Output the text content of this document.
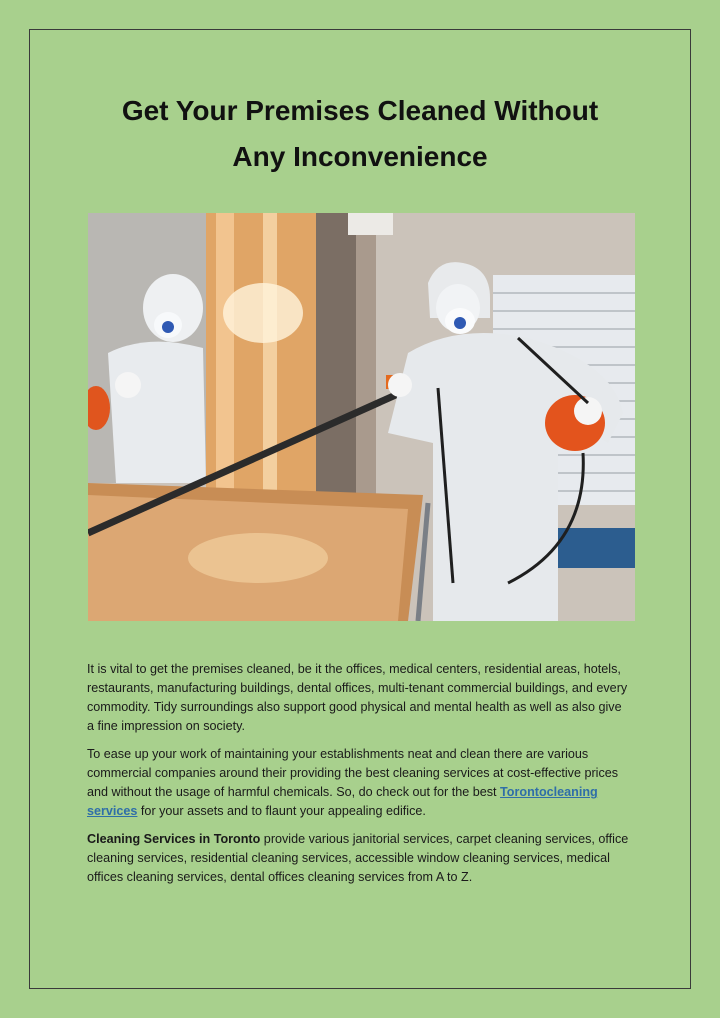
Get Your Premises Cleaned Without
Any Inconvenience

It is vital to get the premises cleaned, be it the offices, medical centers, residential areas, hotels, restaurants, manufacturing buildings, dental offices, multi-tenant commercial buildings, and every commodity. Tidy surroundings also support good physical and mental health as well as also give a fine impression on society.

To ease up your work of maintaining your establishments neat and clean there are various commercial companies around their providing the best cleaning services at cost-effective prices and without the usage of harmful chemicals. So, do check out for the best Torontocleaning services for your assets and to flaunt your appealing edifice.

Cleaning Services in Toronto provide various janitorial services, carpet cleaning services, office cleaning services, residential cleaning services, accessible window cleaning services, medical offices cleaning services, dental offices cleaning services from A to Z.
